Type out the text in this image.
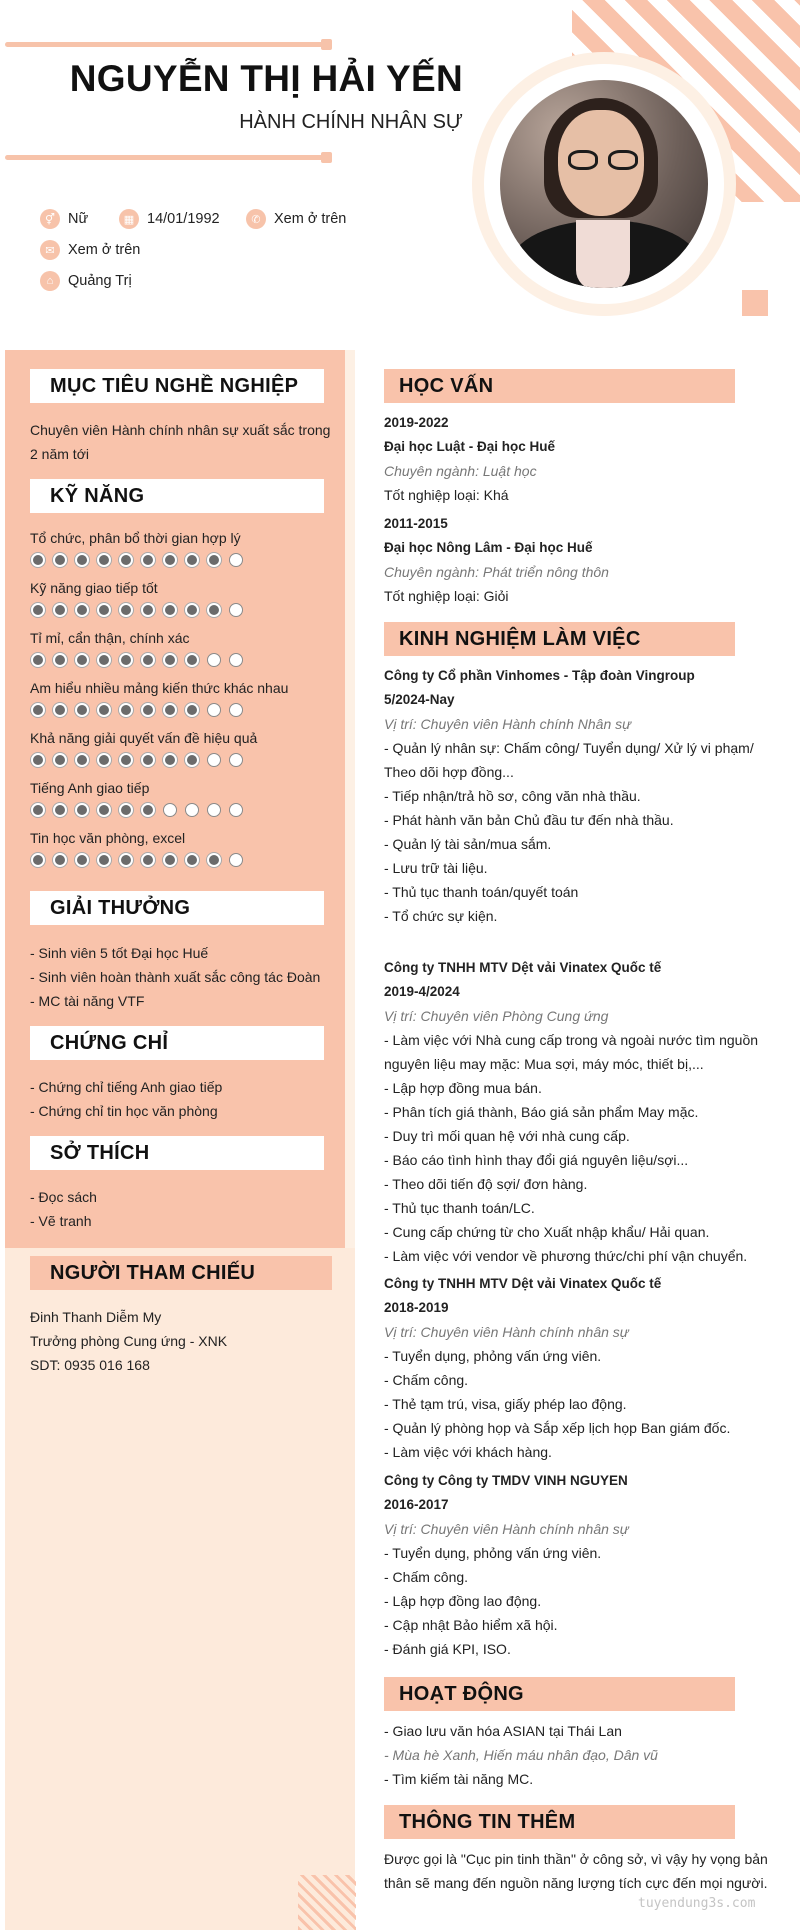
NGUYỄN THỊ HẢI YẾN
HÀNH CHÍNH NHÂN SỰ
⚥ Nữ	▦ 14/01/1992	✆ Xem ở trên
✉ Xem ở trên
⌂	Quảng Trị
MỤC TIÊU NGHỀ NGHIỆP
Chuyên viên Hành chính nhân sự xuất sắc trong
2 năm tới
KỸ NĂNG
Tổ chức, phân bổ thời gian hợp lý
Kỹ năng giao tiếp tốt
Tỉ mỉ, cẩn thận, chính xác
Am hiểu nhiều mảng kiến thức khác nhau
Khả năng giải quyết vấn đề hiệu quả
Tiếng Anh giao tiếp
Tin học văn phòng, excel
GIẢI THƯỞNG
- Sinh viên 5 tốt Đại học Huế
- Sinh viên hoàn thành xuất sắc công tác Đoàn
- MC tài năng VTF
CHỨNG CHỈ
- Chứng chỉ tiếng Anh giao tiếp
- Chứng chỉ tin học văn phòng
SỞ THÍCH
- Đọc sách
- Vẽ tranh
NGƯỜI THAM CHIẾU
Đinh Thanh Diễm My
Trưởng phòng Cung ứng - XNK
SDT: 0935 016 168
HỌC VẤN
2019-2022
Đại học Luật - Đại học Huế
Chuyên ngành: Luật học
Tốt nghiệp loại: Khá
2011-2015
Đại học Nông Lâm - Đại học Huế
Chuyên ngành: Phát triển nông thôn
Tốt nghiệp loại: Giỏi
KINH NGHIỆM LÀM VIỆC
Công ty Cổ phần Vinhomes - Tập đoàn Vingroup
5/2024-Nay
Vị trí: Chuyên viên Hành chính Nhân sự
- Quản lý nhân sự: Chấm công/ Tuyển dụng/ Xử lý vi phạm/
Theo dõi hợp đồng...
- Tiếp nhận/trả hồ sơ, công văn nhà thầu.
- Phát hành văn bản Chủ đầu tư đến nhà thầu.
- Quản lý tài sản/mua sắm.
- Lưu trữ tài liệu.
- Thủ tục thanh toán/quyết toán
- Tổ chức sự kiện.
Công ty TNHH MTV Dệt vải Vinatex Quốc tế
2019-4/2024
Vị trí: Chuyên viên Phòng Cung ứng
- Làm việc với Nhà cung cấp trong và ngoài nước tìm nguồn
nguyên liệu may mặc: Mua sợi, máy móc, thiết bị,...
- Lập hợp đồng mua bán.
- Phân tích giá thành, Báo giá sản phẩm May mặc.
- Duy trì mối quan hệ với nhà cung cấp.
- Báo cáo tình hình thay đổi giá nguyên liệu/sợi...
- Theo dõi tiến độ sợi/ đơn hàng.
- Thủ tục thanh toán/LC.
- Cung cấp chứng từ cho Xuất nhập khẩu/ Hải quan.
- Làm việc với vendor về phương thức/chi phí vận chuyển.
Công ty TNHH MTV Dệt vải Vinatex Quốc tế
2018-2019
Vị trí: Chuyên viên Hành chính nhân sự
- Tuyển dụng, phỏng vấn ứng viên.
- Chấm công.
- Thẻ tạm trú, visa, giấy phép lao động.
- Quản lý phòng họp và Sắp xếp lịch họp Ban giám đốc.
- Làm việc với khách hàng.
Công ty Công ty TMDV VINH NGUYEN
2016-2017
Vị trí: Chuyên viên Hành chính nhân sự
- Tuyển dụng, phỏng vấn ứng viên.
- Chấm công.
- Lập hợp đồng lao động.
- Cập nhật Bảo hiểm xã hội.
- Đánh giá KPI, ISO.
HOẠT ĐỘNG
- Giao lưu văn hóa ASIAN tại Thái Lan
- Mùa hè Xanh, Hiến máu nhân đạo, Dân vũ
- Tìm kiếm tài năng MC.
THÔNG TIN THÊM
Được gọi là "Cục pin tinh thần" ở công sở, vì vậy hy vọng bản
thân sẽ mang đến nguồn năng lượng tích cực đến mọi người.
tuyendung3s.com
